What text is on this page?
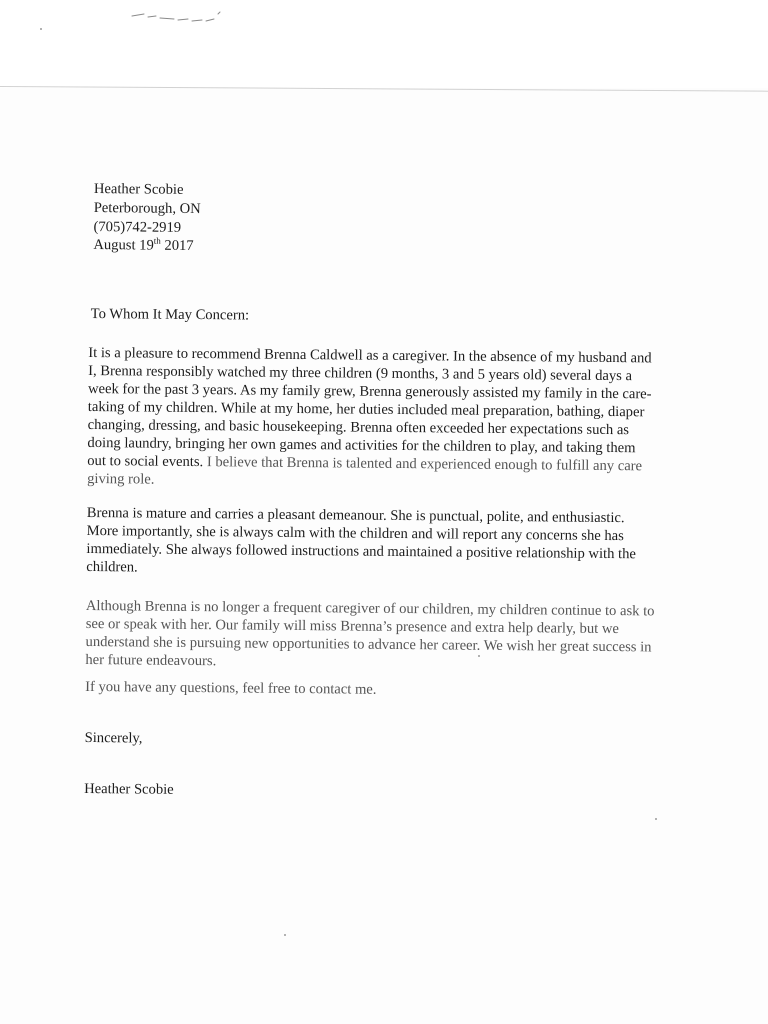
Heather Scobie
Peterborough, ON
(705)742-2919
August 19th 2017
To Whom It May Concern:
It is a pleasure to recommend Brenna Caldwell as a caregiver. In the absence of my husband and
I, Brenna responsibly watched my three children (9 months, 3 and 5 years old) several days a
week for the past 3 years. As my family grew, Brenna generously assisted my family in the care-
taking of my children. While at my home, her duties included meal preparation, bathing, diaper
changing, dressing, and basic housekeeping. Brenna often exceeded her expectations such as
doing laundry, bringing her own games and activities for the children to play, and taking them
out to social events. I believe that Brenna is talented and experienced enough to fulfill any care
giving role.
Brenna is mature and carries a pleasant demeanour. She is punctual, polite, and enthusiastic.
More importantly, she is always calm with the children and will report any concerns she has
immediately. She always followed instructions and maintained a positive relationship with the
children.
Although Brenna is no longer a frequent caregiver of our children, my children continue to ask to
see or speak with her. Our family will miss Brenna’s presence and extra help dearly, but we
understand she is pursuing new opportunities to advance her career. We wish her great success in
her future endeavours.
If you have any questions, feel free to contact me.
Sincerely,
Heather Scobie
